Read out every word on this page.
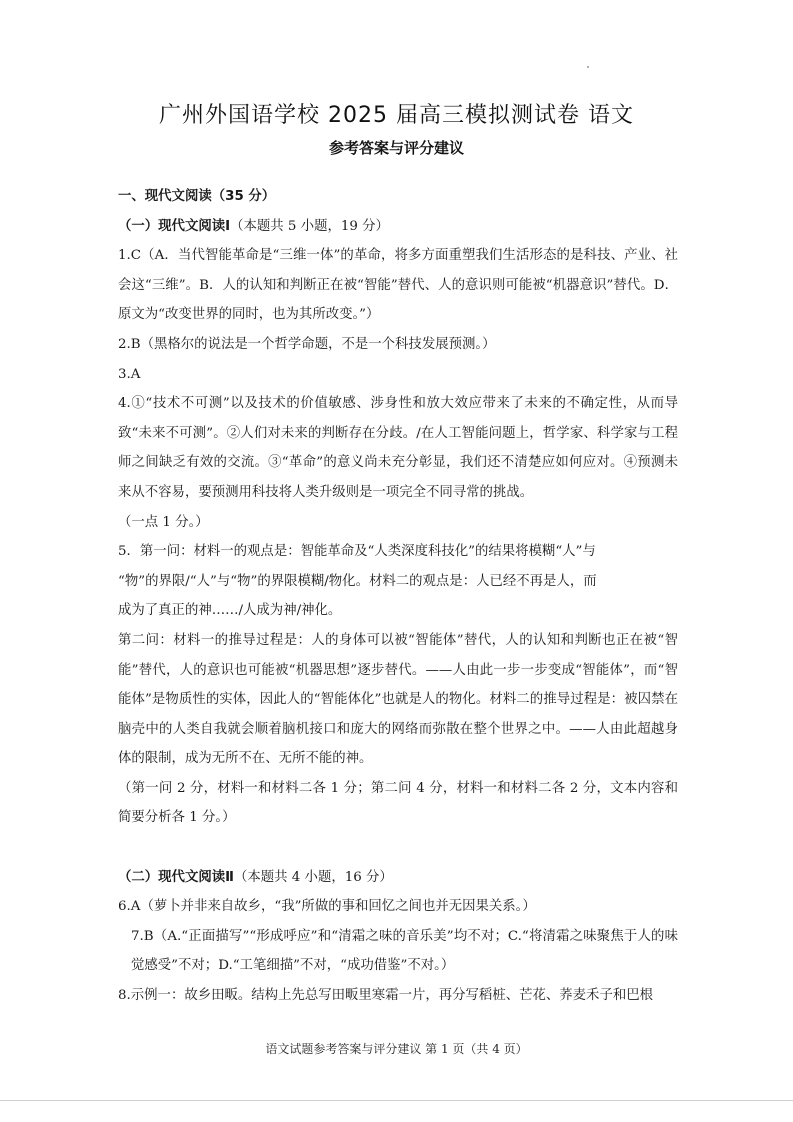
广州外国语学校 2025 届高三模拟测试卷 语文
参考答案与评分建议

一、现代文阅读（35 分）

（一）现代文阅读Ⅰ（本题共 5 小题，19 分）

1.C（A．当代智能革命是“三维一体”的革命，将多方面重塑我们生活形态的是科技、产业、社会这“三维”。B．人的认知和判断正在被“智能”替代、人的意识则可能被“机器意识”替代。D．原文为“改变世界的同时，也为其所改变。”）

2.B（黑格尔的说法是一个哲学命题，不是一个科技发展预测。）

3.A

4.①“技术不可测”以及技术的价值敏感、涉身性和放大效应带来了未来的不确定性，从而导致“未来不可测”。②人们对未来的判断存在分歧。/在人工智能问题上，哲学家、科学家与工程师之间缺乏有效的交流。③“革命”的意义尚未充分彰显，我们还不清楚应如何应对。④预测未来从不容易，要预测用科技将人类升级则是一项完全不同寻常的挑战。

（一点 1 分。）

5．第一问：材料一的观点是：智能革命及“人类深度科技化”的结果将模糊“人”与

“物”的界限/“人”与“物”的界限模糊/物化。材料二的观点是：人已经不再是人，而

成为了真正的神……/人成为神/神化。

第二问：材料一的推导过程是：人的身体可以被“智能体”替代，人的认知和判断也正在被“智能”替代，人的意识也可能被“机器思想”逐步替代。——人由此一步一步变成“智能体”，而“智能体”是物质性的实体，因此人的“智能体化”也就是人的物化。材料二的推导过程是：被囚禁在脑壳中的人类自我就会顺着脑机接口和庞大的网络而弥散在整个世界之中。——人由此超越身体的限制，成为无所不在、无所不能的神。

（第一问 2 分，材料一和材料二各 1 分；第二问 4 分，材料一和材料二各 2 分，文本内容和简要分析各 1 分。）

（二）现代文阅读Ⅱ（本题共 4 小题，16 分）

6.A（萝卜并非来自故乡，“我”所做的事和回忆之间也并无因果关系。）

7.B（A.“正面描写”“形成呼应”和“清霜之味的音乐美”均不对；C.“将清霜之味聚焦于人的味觉感受”不对；D.“工笔细描”不对，“成功借鉴”不对。）

8.示例一：故乡田畈。结构上先总写田畈里寒霜一片，再分写稻桩、芒花、荞麦禾子和巴根

语文试题参考答案与评分建议 第 1 页（共 4 页）
